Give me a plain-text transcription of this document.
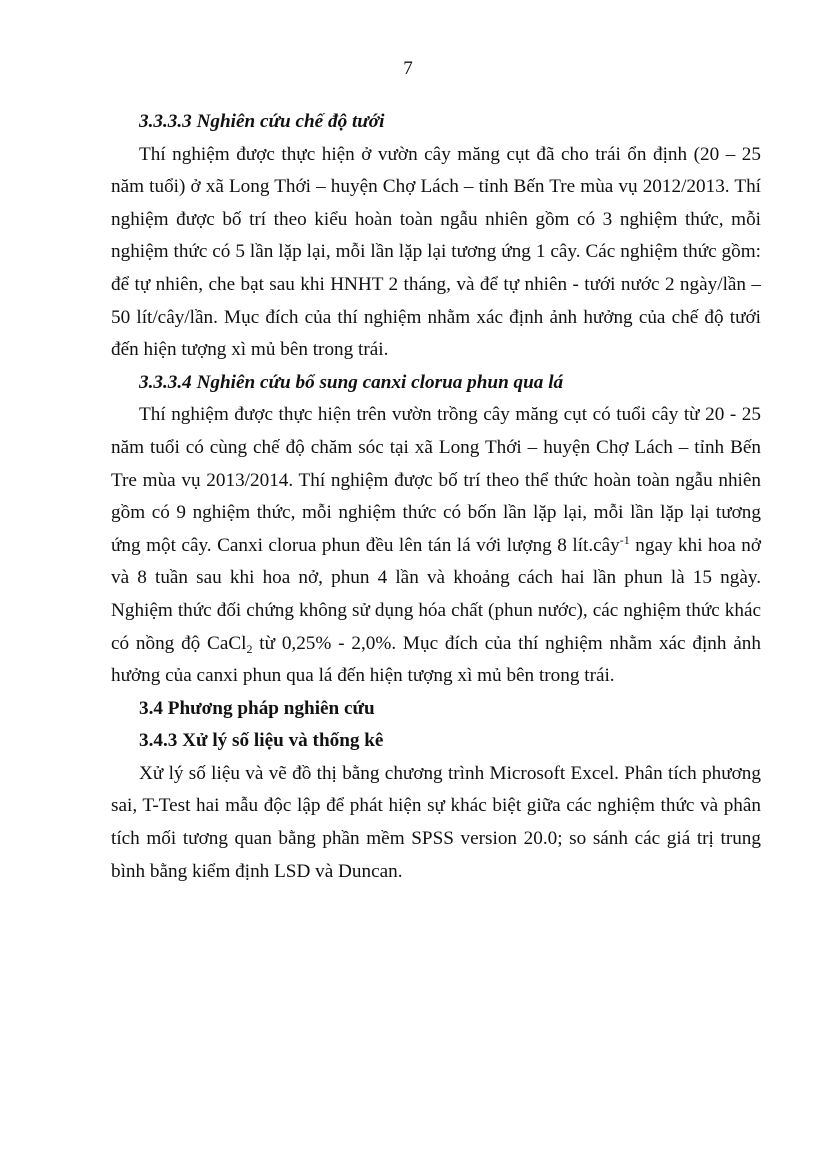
7

3.3.3.3 Nghiên cứu chế độ tưới

Thí nghiệm được thực hiện ở vườn cây măng cụt đã cho trái ổn định (20 – 25 năm tuổi) ở xã Long Thới – huyện Chợ Lách – tỉnh Bến Tre mùa vụ 2012/2013. Thí nghiệm được bố trí theo kiểu hoàn toàn ngẫu nhiên gồm có 3 nghiệm thức, mỗi nghiệm thức có 5 lần lặp lại, mỗi lần lặp lại tương ứng 1 cây. Các nghiệm thức gồm: để tự nhiên, che bạt sau khi HNHT 2 tháng, và để tự nhiên - tưới nước 2 ngày/lần – 50 lít/cây/lần. Mục đích của thí nghiệm nhằm xác định ảnh hưởng của chế độ tưới đến hiện tượng xì mủ bên trong trái.

3.3.3.4 Nghiên cứu bổ sung canxi clorua phun qua lá

Thí nghiệm được thực hiện trên vườn trồng cây măng cụt có tuổi cây từ 20 - 25 năm tuổi có cùng chế độ chăm sóc tại xã Long Thới – huyện Chợ Lách – tỉnh Bến Tre mùa vụ 2013/2014. Thí nghiệm được bố trí theo thể thức hoàn toàn ngẫu nhiên gồm có 9 nghiệm thức, mỗi nghiệm thức có bốn lần lặp lại, mỗi lần lặp lại tương ứng một cây. Canxi clorua phun đều lên tán lá với lượng 8 lít.cây$^{-1}$ ngay khi hoa nở và 8 tuần sau khi hoa nở, phun 4 lần và khoảng cách hai lần phun là 15 ngày. Nghiệm thức đối chứng không sử dụng hóa chất (phun nước), các nghiệm thức khác có nồng độ CaCl$_2$ từ 0,25% - 2,0%. Mục đích của thí nghiệm nhằm xác định ảnh hưởng của canxi phun qua lá đến hiện tượng xì mủ bên trong trái.

3.4 Phương pháp nghiên cứu

3.4.3 Xử lý số liệu và thống kê

Xử lý số liệu và vẽ đồ thị bằng chương trình Microsoft Excel. Phân tích phương sai, T-Test hai mẫu độc lập để phát hiện sự khác biệt giữa các nghiệm thức và phân tích mối tương quan bằng phần mềm SPSS version 20.0; so sánh các giá trị trung bình bằng kiểm định LSD và Duncan.
